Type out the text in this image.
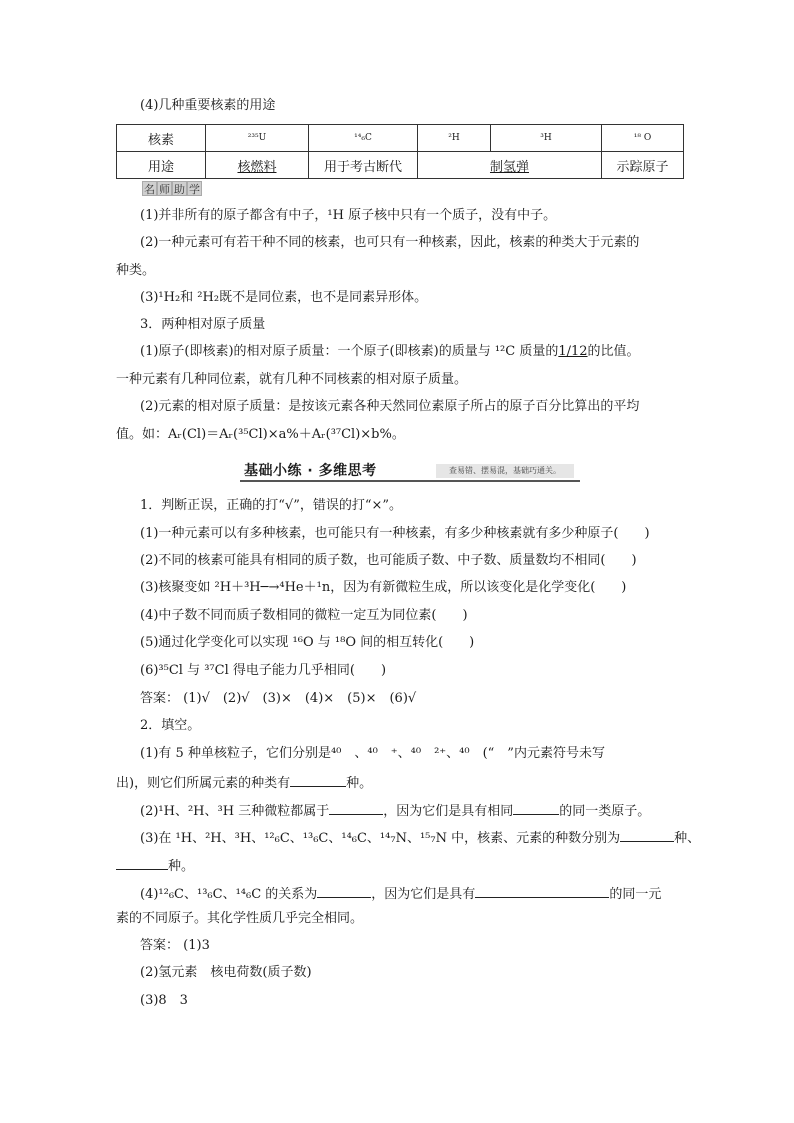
(4)几种重要核素的用途
核素	²³⁵U	¹⁴₆C	²H	³H	¹⁸ O
用途	核燃料	用于考古断代	制氢弹		示踪原子
名 师 助 学
(1)并非所有的原子都含有中子，¹H 原子核中只有一个质子，没有中子。
(2)一种元素可有若干种不同的核素，也可只有一种核素，因此，核素的种类大于元素的
种类。
(3)¹H₂和 ²H₂既不是同位素，也不是同素异形体。
3．两种相对原子质量
(1)原子(即核素)的相对原子质量：一个原子(即核素)的质量与 ¹²C 质量的1/12的比值。
一种元素有几种同位素，就有几种不同核素的相对原子质量。
(2)元素的相对原子质量：是按该元素各种天然同位素原子所占的原子百分比算出的平均
值。如：Aᵣ(Cl)＝Aᵣ(³⁵Cl)×a%＋Aᵣ(³⁷Cl)×b%。
基础小练 · 多维思考	查易错、摆易混，基础巧通关。
1．判断正误，正确的打“√”，错误的打“×”。
(1)一种元素可以有多种核素，也可能只有一种核素，有多少种核素就有多少种原子(　　)
(2)不同的核素可能具有相同的质子数，也可能质子数、中子数、质量数均不相同(　　)
(3)核聚变如 ²H＋³H─→⁴He＋¹n，因为有新微粒生成，所以该变化是化学变化(　　)
(4)中子数不同而质子数相同的微粒一定互为同位素(　　)
(5)通过化学变化可以实现 ¹⁶O 与 ¹⁸O 间的相互转化(　　)
(6)³⁵Cl 与 ³⁷Cl 得电子能力几乎相同(　　)
答案： (1)√　(2)√　(3)×　(4)×　(5)×　(6)√
2．填空。
(1)有 5 种单核粒子，它们分别是⁴⁰　、⁴⁰　⁺、⁴⁰　²⁺、⁴⁰　(“　”内元素符号未写
出)，则它们所属元素的种类有	种。
(2)¹H、²H、³H 三种微粒都属于	，因为它们是具有相同	的同一类原子。
(3)在 ¹H、²H、³H、¹²₆C、¹³₆C、¹⁴₆C、¹⁴₇N、¹⁵₇N 中，核素、元素的种数分别为	种、
种。
(4)¹²₆C、¹³₆C、¹⁴₆C 的关系为	，因为它们是具有	的同一元
素的不同原子。其化学性质几乎完全相同。
答案： (1)3
(2)氢元素　核电荷数(质子数)
(3)8　3
